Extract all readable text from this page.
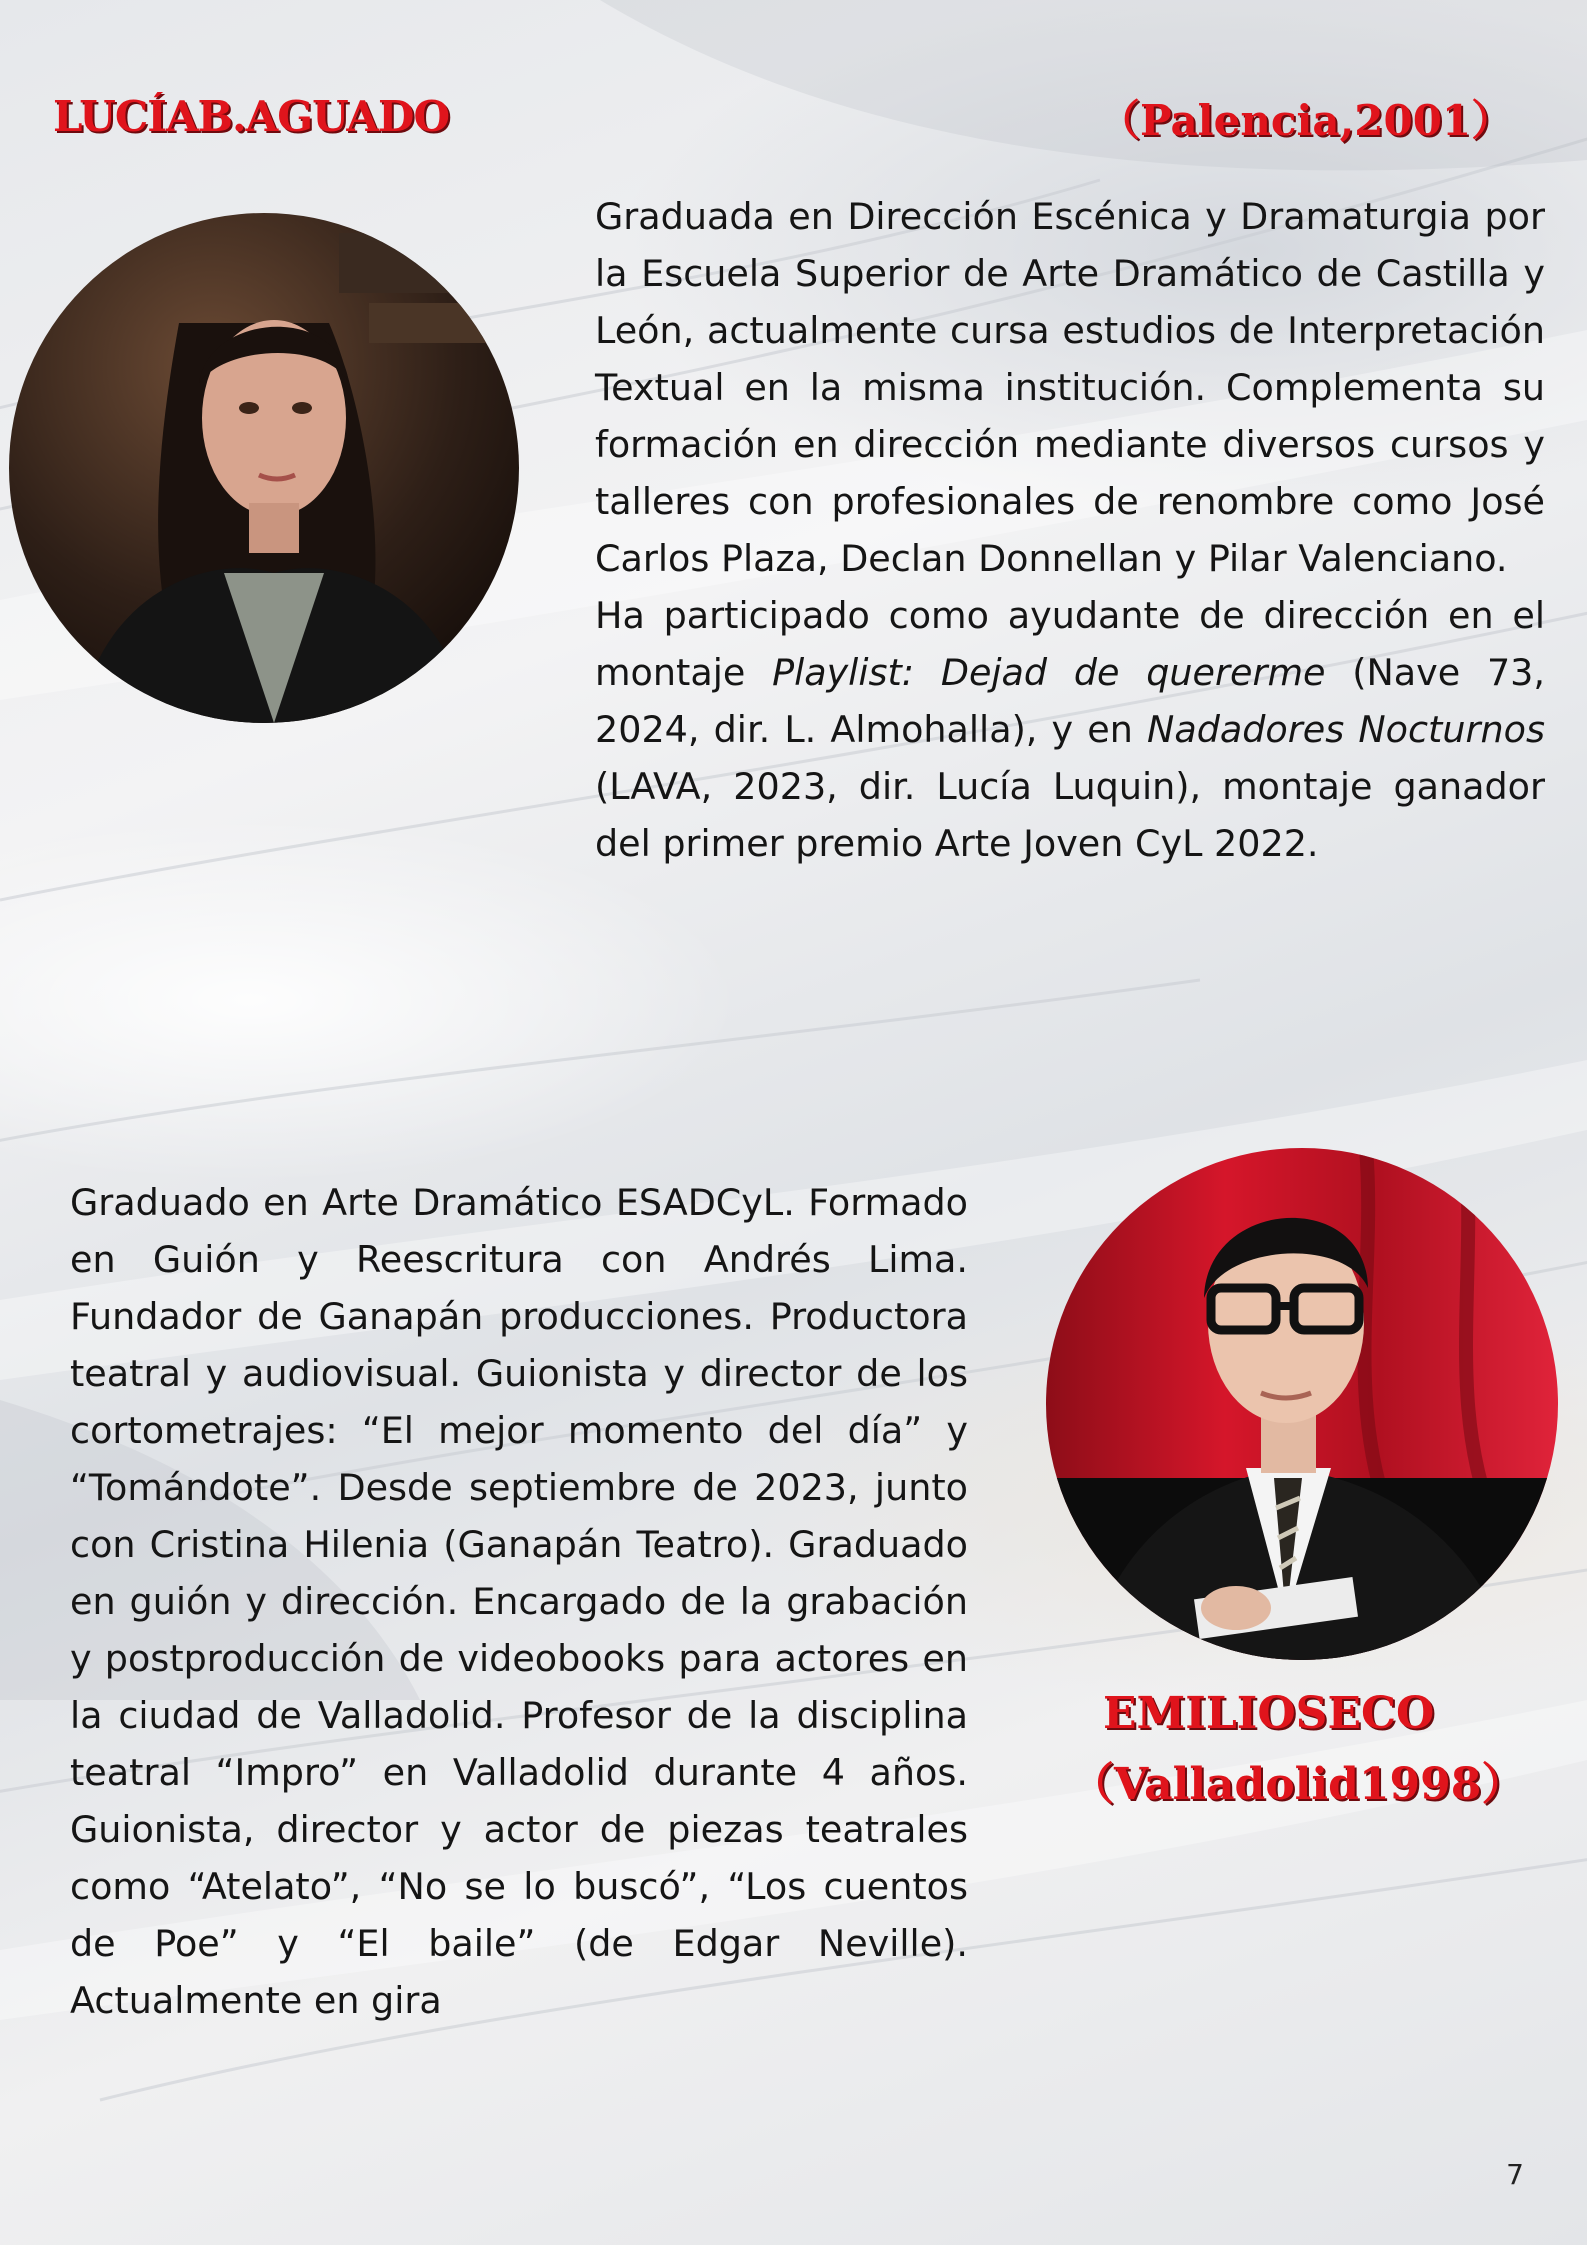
LUCÍAB.AGUADO	（Palencia,2001）

Graduada en Dirección Escénica y Dramaturgia por la Escuela Superior de Arte Dramático de Castilla y León, actualmente cursa estudios de Interpretación Textual en la misma institución. Complementa su formación en dirección mediante diversos cursos y talleres con profesionales de renombre como José Carlos Plaza, Declan Donnellan y Pilar Valenciano.

Ha participado como ayudante de dirección en el montaje Playlist: Dejad de quererme (Nave 73, 2024, dir. L. Almohalla), y en Nadadores Nocturnos (LAVA, 2023, dir. Lucía Luquin), montaje ganador del primer premio Arte Joven CyL 2022.

Graduado en Arte Dramático ESADCyL. Formado en Guión y Reescritura con Andrés Lima. Fundador de Ganapán producciones. Productora teatral y audiovisual. Guionista y director de los cortometrajes: “El mejor momento del día” y “Tomándote”. Desde septiembre de 2023, junto con Cristina Hilenia (Ganapán Teatro). Graduado en guión y dirección. Encargado de la grabación y postproducción de videobooks para actores en la ciudad de Valladolid. Profesor de la disciplina teatral “Impro” en Valladolid durante 4 años. Guionista, director y actor de piezas teatrales como “Atelato”, “No se lo buscó”, “Los cuentos de Poe” y “El baile” (de Edgar Neville). Actualmente en gira

EMILIOSECO
（Valladolid1998）
7
